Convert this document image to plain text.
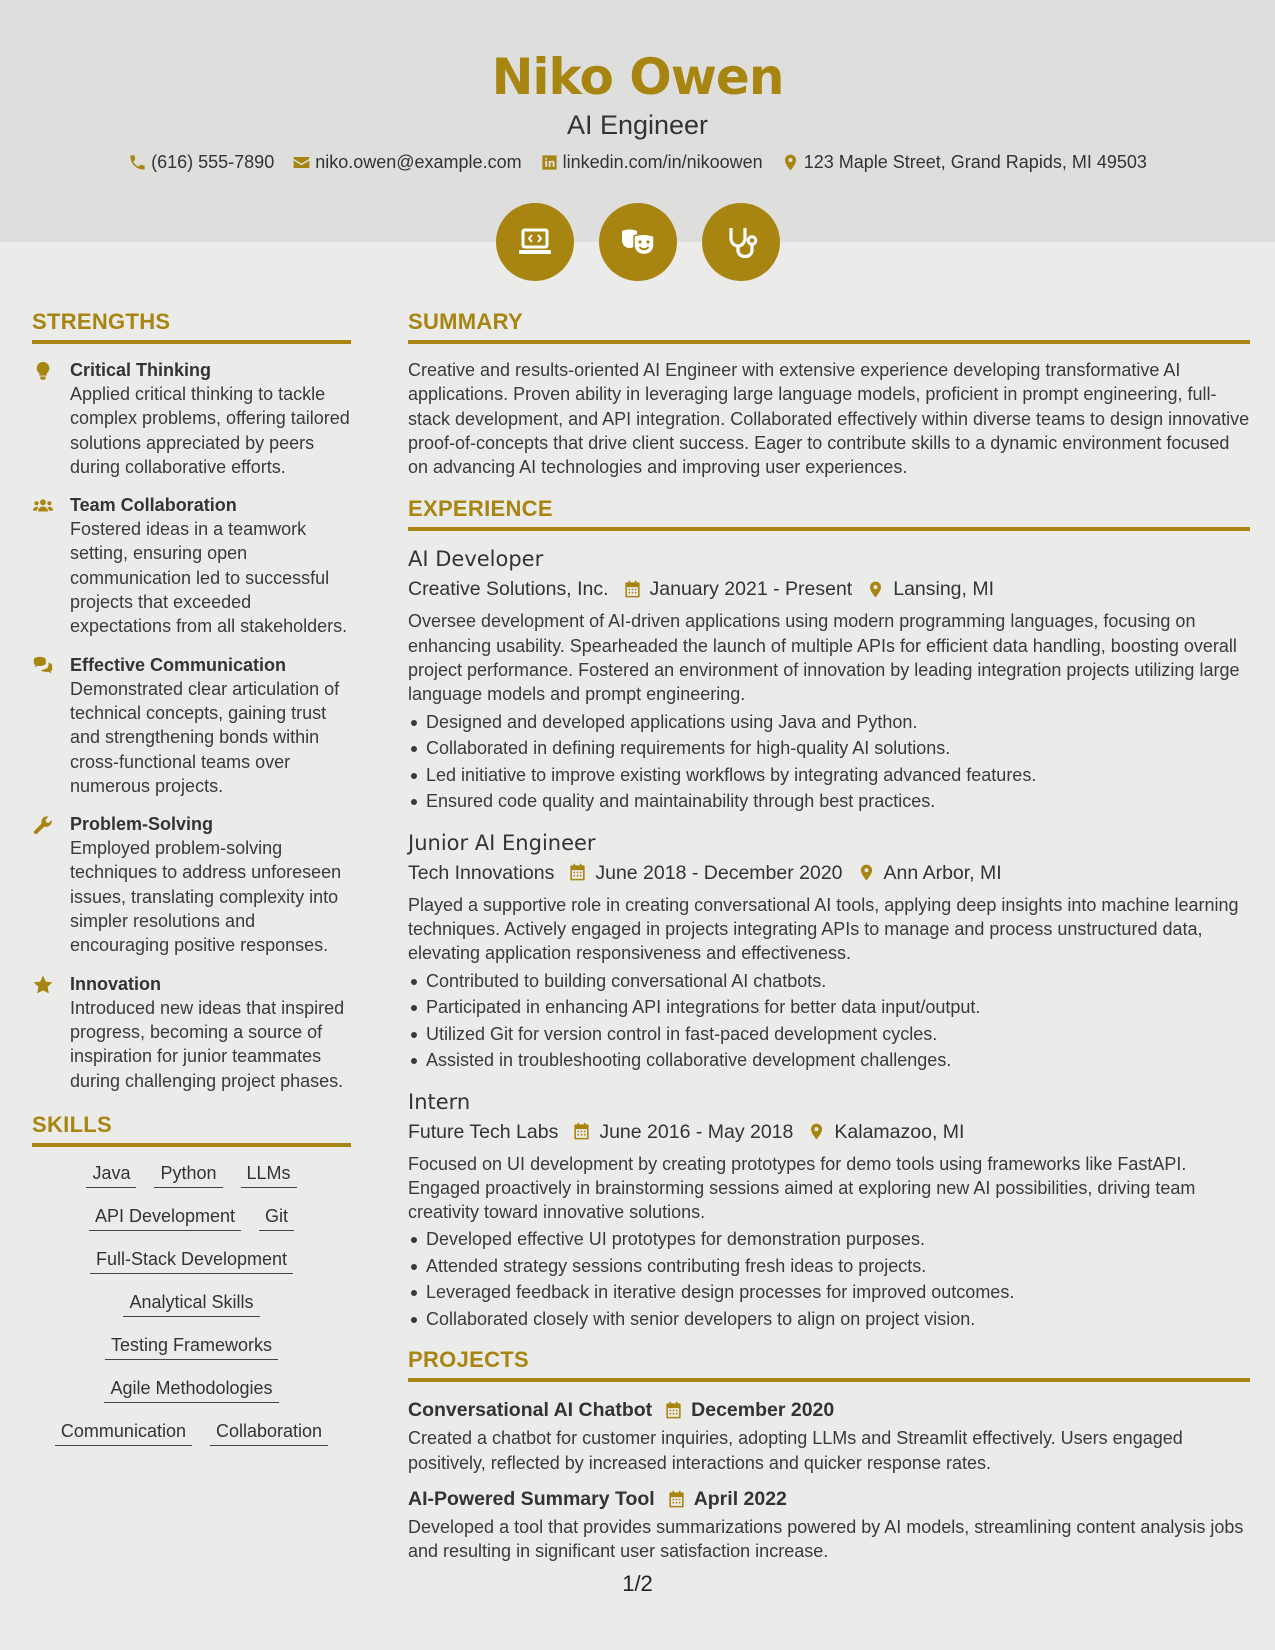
Niko Owen
AI Engineer
(616) 555-7890 niko.owen@example.com linkedin.com/in/nikoowen 123 Maple Street, Grand Rapids, MI 49503
STRENGTHS
Critical Thinking
Applied critical thinking to tackle complex problems, offering tailored solutions appreciated by peers during collaborative efforts.
Team Collaboration
Fostered ideas in a teamwork setting, ensuring open communication led to successful projects that exceeded expectations from all stakeholders.
Effective Communication
Demonstrated clear articulation of technical concepts, gaining trust and strengthening bonds within cross-functional teams over numerous projects.
Problem-Solving
Employed problem-solving techniques to address unforeseen issues, translating complexity into simpler resolutions and encouraging positive responses.
Innovation
Introduced new ideas that inspired progress, becoming a source of inspiration for junior teammates during challenging project phases.
SKILLS
Java	Python	LLMs
API Development	Git
Full-Stack Development
Analytical Skills
Testing Frameworks
Agile Methodologies
Communication	Collaboration
SUMMARY
Creative and results-oriented AI Engineer with extensive experience developing transformative AI applications. Proven ability in leveraging large language models, proficient in prompt engineering, full-stack development, and API integration. Collaborated effectively within diverse teams to design innovative proof-of-concepts that drive client success. Eager to contribute skills to a dynamic environment focused on advancing AI technologies and improving user experiences.
EXPERIENCE
AI Developer
Creative Solutions, Inc. January 2021 - Present Lansing, MI
Oversee development of AI-driven applications using modern programming languages, focusing on enhancing usability. Spearheaded the launch of multiple APIs for efficient data handling, boosting overall project performance. Fostered an environment of innovation by leading integration projects utilizing large language models and prompt engineering.
Designed and developed applications using Java and Python.
Collaborated in defining requirements for high-quality AI solutions.
Led initiative to improve existing workflows by integrating advanced features.
Ensured code quality and maintainability through best practices.
Junior AI Engineer
Tech Innovations June 2018 - December 2020 Ann Arbor, MI
Played a supportive role in creating conversational AI tools, applying deep insights into machine learning techniques. Actively engaged in projects integrating APIs to manage and process unstructured data, elevating application responsiveness and effectiveness.
Contributed to building conversational AI chatbots.
Participated in enhancing API integrations for better data input/output.
Utilized Git for version control in fast-paced development cycles.
Assisted in troubleshooting collaborative development challenges.
Intern
Future Tech Labs June 2016 - May 2018 Kalamazoo, MI
Focused on UI development by creating prototypes for demo tools using frameworks like FastAPI. Engaged proactively in brainstorming sessions aimed at exploring new AI possibilities, driving team creativity toward innovative solutions.
Developed effective UI prototypes for demonstration purposes.
Attended strategy sessions contributing fresh ideas to projects.
Leveraged feedback in iterative design processes for improved outcomes.
Collaborated closely with senior developers to align on project vision.
PROJECTS
Conversational AI Chatbot December 2020
Created a chatbot for customer inquiries, adopting LLMs and Streamlit effectively. Users engaged positively, reflected by increased interactions and quicker response rates.
AI-Powered Summary Tool April 2022
Developed a tool that provides summarizations powered by AI models, streamlining content analysis jobs and resulting in significant user satisfaction increase.
1/2
